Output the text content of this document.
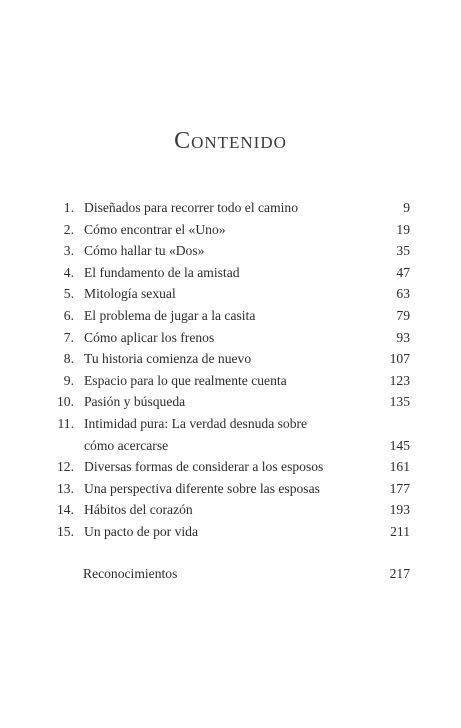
Contenido
1. Diseñados para recorrer todo el camino	9
2. Cómo encontrar el «Uno»	19
3. Cómo hallar tu «Dos»	35
4. El fundamento de la amistad	47
5. Mitología sexual	63
6. El problema de jugar a la casita	79
7. Cómo aplicar los frenos	93
8. Tu historia comienza de nuevo	107
9. Espacio para lo que realmente cuenta	123
10. Pasión y búsqueda	135
11. Intimidad pura: La verdad desnuda sobre
cómo acercarse	145
12. Diversas formas de considerar a los esposos	161
13. Una perspectiva diferente sobre las esposas	177
14. Hábitos del corazón	193
15. Un pacto de por vida	211
Reconocimientos	217
